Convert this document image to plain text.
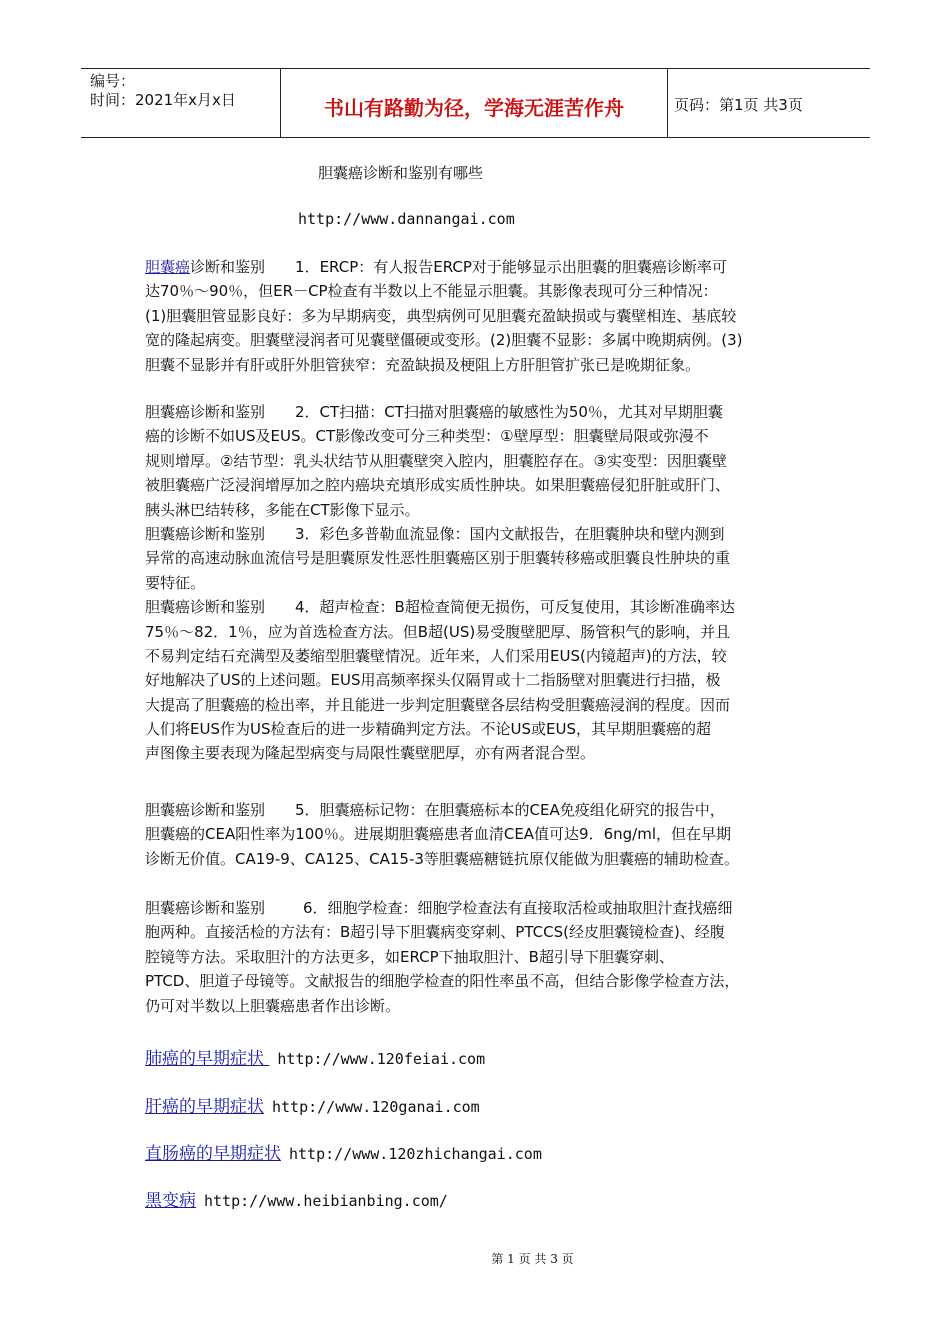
编号：
时间：2021年x月x日	书山有路勤为径，学海无涯苦作舟	页码：第1页 共3页
胆囊癌诊断和鉴别有哪些
http://www.dannangai.com
胆囊癌诊断和鉴别 1．ERCP：有人报告ERCP对于能够显示出胆囊的胆囊癌诊断率可
达70％～90％，但ER－CP检查有半数以上不能显示胆囊。其影像表现可分三种情况：
(1)胆囊胆管显影良好：多为早期病变，典型病例可见胆囊充盈缺损或与囊壁相连、基底较
宽的隆起病变。胆囊壁浸润者可见囊壁僵硬或变形。(2)胆囊不显影：多属中晚期病例。(3)
胆囊不显影并有肝或肝外胆管狭窄：充盈缺损及梗阻上方肝胆管扩张已是晚期征象。
胆囊癌诊断和鉴别 2．CT扫描：CT扫描对胆囊癌的敏感性为50％，尤其对早期胆囊
癌的诊断不如US及EUS。CT影像改变可分三种类型：①壁厚型：胆囊壁局限或弥漫不
规则增厚。②结节型：乳头状结节从胆囊壁突入腔内，胆囊腔存在。③实变型：因胆囊壁
被胆囊癌广泛浸润增厚加之腔内癌块充填形成实质性肿块。如果胆囊癌侵犯肝脏或肝门、
胰头淋巴结转移，多能在CT影像下显示。
胆囊癌诊断和鉴别 3．彩色多普勒血流显像：国内文献报告，在胆囊肿块和壁内测到
异常的高速动脉血流信号是胆囊原发性恶性胆囊癌区别于胆囊转移癌或胆囊良性肿块的重
要特征。
胆囊癌诊断和鉴别 4．超声检查：B超检查简便无损伤，可反复使用，其诊断准确率达
75％～82．1％，应为首选检查方法。但B超(US)易受腹壁肥厚、肠管积气的影响，并且
不易判定结石充满型及萎缩型胆囊壁情况。近年来，人们采用EUS(内镜超声)的方法，较
好地解决了US的上述问题。EUS用高频率探头仅隔胃或十二指肠壁对胆囊进行扫描，极
大提高了胆囊癌的检出率，并且能进一步判定胆囊壁各层结构受胆囊癌浸润的程度。因而
人们将EUS作为US检查后的进一步精确判定方法。不论US或EUS，其早期胆囊癌的超
声图像主要表现为隆起型病变与局限性囊壁肥厚，亦有两者混合型。
胆囊癌诊断和鉴别 5．胆囊癌标记物：在胆囊癌标本的CEA免疫组化研究的报告中，
胆囊癌的CEA阳性率为100％。进展期胆囊癌患者血清CEA值可达9．6ng/ml，但在早期
诊断无价值。CA19-9、CA125、CA15-3等胆囊癌糖链抗原仅能做为胆囊癌的辅助检查。
胆囊癌诊断和鉴别	6．细胞学检查：细胞学检查法有直接取活检或抽取胆汁查找癌细
胞两种。直接活检的方法有：B超引导下胆囊病变穿刺、PTCCS(经皮胆囊镜检查)、经腹
腔镜等方法。采取胆汁的方法更多，如ERCP下抽取胆汁、B超引导下胆囊穿刺、
PTCD、胆道子母镜等。文献报告的细胞学检查的阳性率虽不高，但结合影像学检查方法，
仍可对半数以上胆囊癌患者作出诊断。
肺癌的早期症状 http://www.120feiai.com
肝癌的早期症状 http://www.120ganai.com
直肠癌的早期症状 http://www.120zhichangai.com
黑变病 http://www.heibianbing.com/
第 1 页 共 3 页
